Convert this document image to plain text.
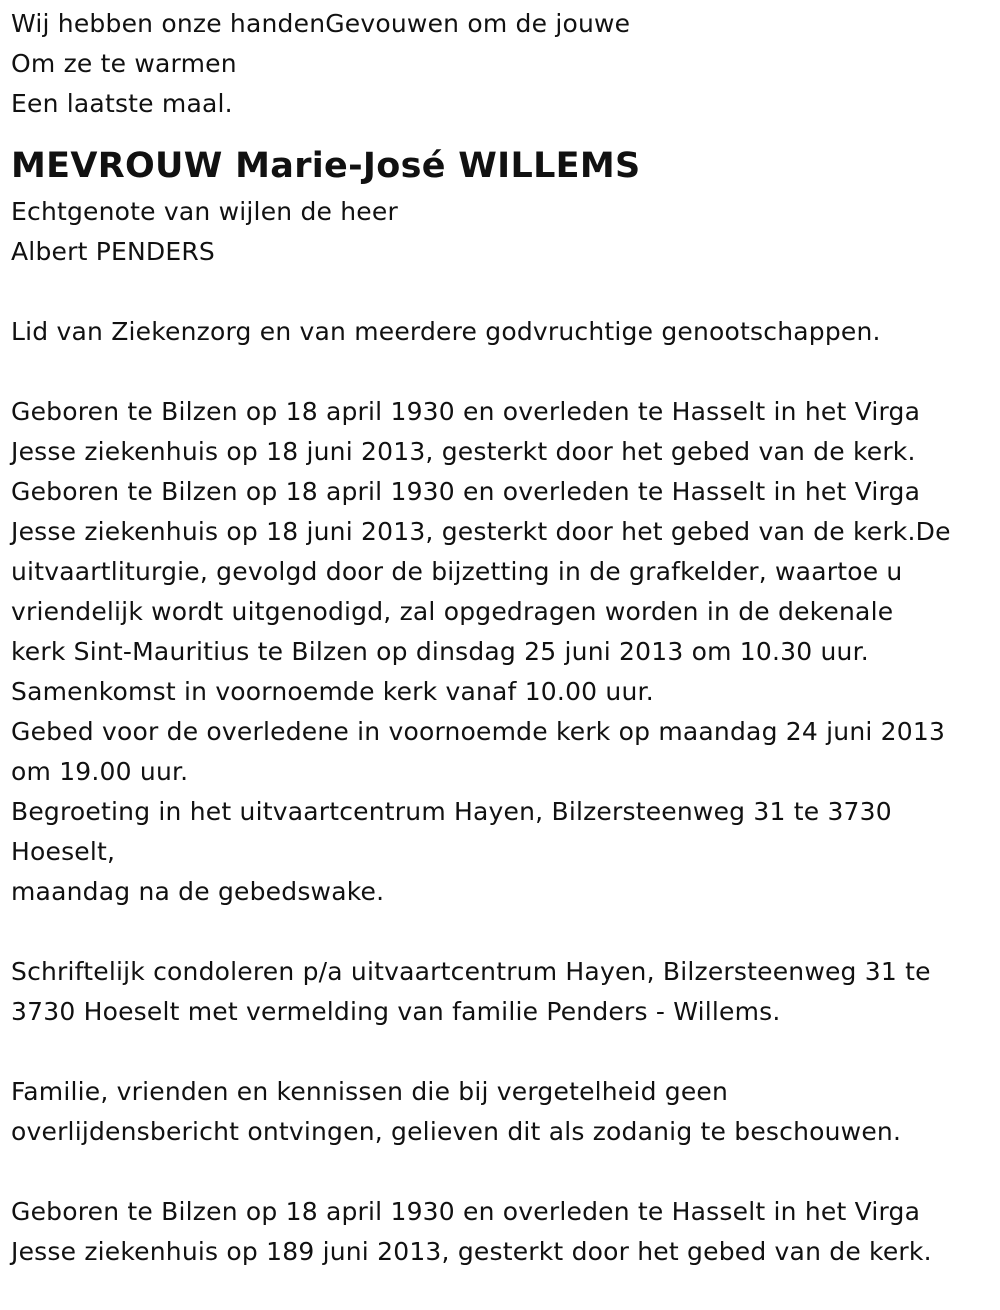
Wij hebben onze handenGevouwen om de jouwe

Om ze te warmen

Een laatste maal.

MEVROUW Marie-José WILLEMS

Echtgenote van wijlen de heer

Albert PENDERS

Lid van Ziekenzorg en van meerdere godvruchtige genootschappen.

Geboren te Bilzen op 18 april 1930 en overleden te Hasselt in het Virga

Jesse ziekenhuis op 18 juni 2013, gesterkt door het gebed van de kerk.

Geboren te Bilzen op 18 april 1930 en overleden te Hasselt in het Virga

Jesse ziekenhuis op 18 juni 2013, gesterkt door het gebed van de kerk.De

uitvaartliturgie, gevolgd door de bijzetting in de grafkelder, waartoe u

vriendelijk wordt uitgenodigd, zal opgedragen worden in de dekenale

kerk Sint-Mauritius te Bilzen op dinsdag 25 juni 2013 om 10.30 uur.

Samenkomst in voornoemde kerk vanaf 10.00 uur.

Gebed voor de overledene in voornoemde kerk op maandag 24 juni 2013

om 19.00 uur.

Begroeting in het uitvaartcentrum Hayen, Bilzersteenweg 31 te 3730

Hoeselt,

maandag na de gebedswake.

Schriftelijk condoleren p/a uitvaartcentrum Hayen, Bilzersteenweg 31 te

3730 Hoeselt met vermelding van familie Penders - Willems.

Familie, vrienden en kennissen die bij vergetelheid geen

overlijdensbericht ontvingen, gelieven dit als zodanig te beschouwen.

Geboren te Bilzen op 18 april 1930 en overleden te Hasselt in het Virga

Jesse ziekenhuis op 189 juni 2013, gesterkt door het gebed van de kerk.
